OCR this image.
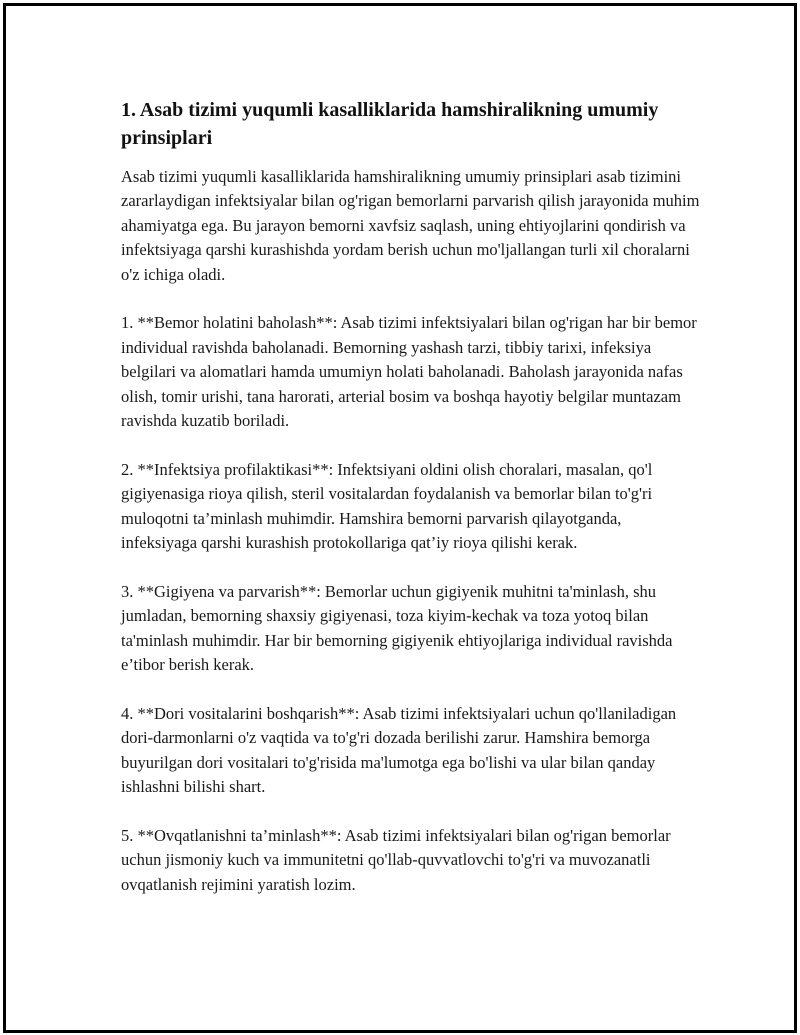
1. Asab tizimi yuqumli kasalliklarida hamshiralikning umumiy prinsiplari

Asab tizimi yuqumli kasalliklarida hamshiralikning umumiy prinsiplari asab tizimini zararlaydigan infektsiyalar bilan og'rigan bemorlarni parvarish qilish jarayonida muhim ahamiyatga ega. Bu jarayon bemorni xavfsiz saqlash, uning ehtiyojlarini qondirish va infektsiyaga qarshi kurashishda yordam berish uchun mo'ljallangan turli xil choralarni o'z ichiga oladi.

1. **Bemor holatini baholash**: Asab tizimi infektsiyalari bilan og'rigan har bir bemor individual ravishda baholanadi. Bemorning yashash tarzi, tibbiy tarixi, infeksiya belgilari va alomatlari hamda umumiyn holati baholanadi. Baholash jarayonida nafas olish, tomir urishi, tana harorati, arterial bosim va boshqa hayotiy belgilar muntazam ravishda kuzatib boriladi.

2. **Infektsiya profilaktikasi**: Infektsiyani oldini olish choralari, masalan, qo'l gigiyenasiga rioya qilish, steril vositalardan foydalanish va bemorlar bilan to'g'ri muloqotni ta’minlash muhimdir. Hamshira bemorni parvarish qilayotganda, infeksiyaga qarshi kurashish protokollariga qat’iy rioya qilishi kerak.

3. **Gigiyena va parvarish**: Bemorlar uchun gigiyenik muhitni ta'minlash, shu jumladan, bemorning shaxsiy gigiyenasi, toza kiyim-kechak va toza yotoq bilan ta'minlash muhimdir. Har bir bemorning gigiyenik ehtiyojlariga individual ravishda e’tibor berish kerak.

4. **Dori vositalarini boshqarish**: Asab tizimi infektsiyalari uchun qo'llaniladigan dori-darmonlarni o'z vaqtida va to'g'ri dozada berilishi zarur. Hamshira bemorga buyurilgan dori vositalari to'g'risida ma'lumotga ega bo'lishi va ular bilan qanday ishlashni bilishi shart.

5. **Ovqatlanishni ta’minlash**: Asab tizimi infektsiyalari bilan og'rigan bemorlar uchun jismoniy kuch va immunitetni qo'llab-quvvatlovchi to'g'ri va muvozanatli ovqatlanish rejimini yaratish lozim.
